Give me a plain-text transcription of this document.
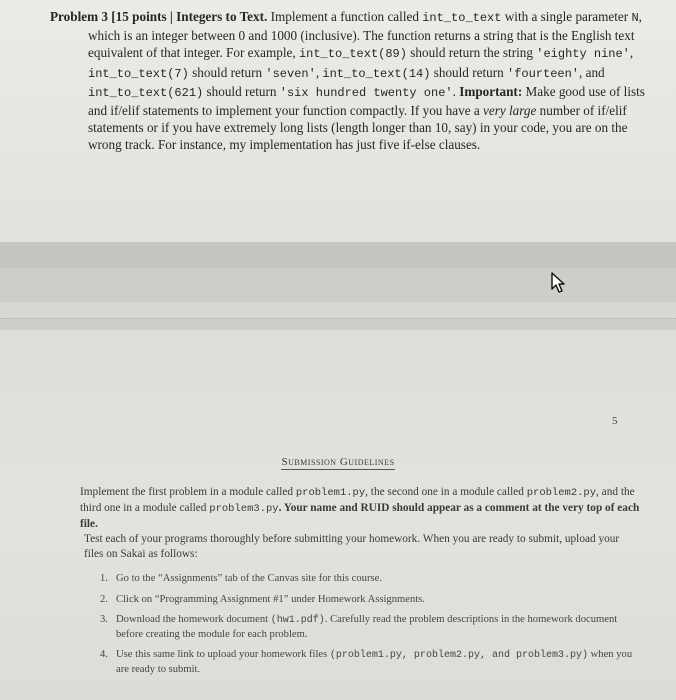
Problem 3 [15 points | Integers to Text. Implement a function called int_to_text with a single parameter N, which is an integer between 0 and 1000 (inclusive). The function returns a string that is the English text equivalent of that integer. For example, int_to_text(89) should return the string 'eighty nine', int_to_text(7) should return 'seven', int_to_text(14) should return 'fourteen', and int_to_text(621) should return 'six hundred twenty one'. Important: Make good use of lists and if/elif statements to implement your function compactly. If you have a very large number of if/elif statements or if you have extremely long lists (length longer than 10, say) in your code, you are on the wrong track. For instance, my implementation has just five if-else clauses.
5
Submission Guidelines
Implement the first problem in a module called problem1.py, the second one in a module called problem2.py, and the third one in a module called problem3.py. Your name and RUID should appear as a comment at the very top of each file.
Test each of your programs thoroughly before submitting your homework. When you are ready to submit, upload your files on Sakai as follows:
1. Go to the “Assignments” tab of the Canvas site for this course.
2. Click on “Programming Assignment #1” under Homework Assignments.
3. Download the homework document (hw1.pdf). Carefully read the problem descriptions in the homework document before creating the module for each problem.
4. Use this same link to upload your homework files (problem1.py, problem2.py, and problem3.py) when you are ready to submit.
